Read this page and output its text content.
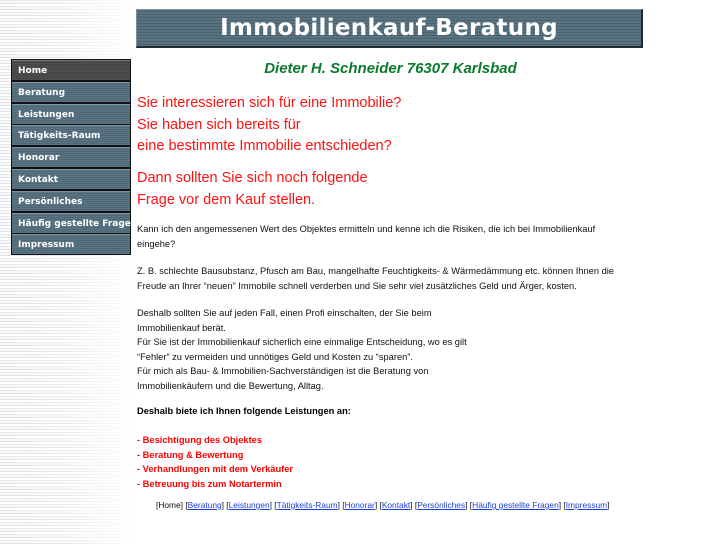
Immobilienkauf-Beratung
Dieter H. Schneider 76307 Karlsbad
Home
Beratung
Leistungen
Tätigkeits-Raum
Honorar
Kontakt
Persönliches
Häufig gestellte Fragen
Impressum
Sie interessieren sich für eine Immobilie?
Sie haben sich bereits für
eine bestimmte Immobilie entschieden?
Dann sollten Sie sich noch folgende
Frage vor dem Kauf stellen.
Kann ich den angemessenen Wert des Objektes ermitteln und kenne ich die Risiken, die ich bei Immobilienkauf
eingehe?
Z. B. schlechte Bausubstanz, Pfusch am Bau, mangelhafte Feuchtigkeits- & Wärmedämmung etc. können Ihnen die
Freude an Ihrer “neuen” Immobile schnell verderben und Sie sehr viel zusätzliches Geld und Ärger, kosten.
Deshalb sollten Sie auf jeden Fall, einen Profi einschalten, der Sie beim
Immobilienkauf berät.
Für Sie ist der Immobilienkauf sicherlich eine einmalige Entscheidung, wo es gilt
“Fehler” zu vermeiden und unnötiges Geld und Kosten zu “sparen”.
Für mich als Bau- & Immobilien-Sachverständigen ist die Beratung von
Immobilienkäufern und die Bewertung, Alltag.
Deshalb biete ich Ihnen folgende Leistungen an:
- Besichtigung des Objektes
- Beratung & Bewertung
- Verhandlungen mit dem Verkäufer
- Betreuung bis zum Notartermin
[Home] [Beratung] [Leistungen] [Tätigkeits-Raum] [Honorar] [Kontakt] [Persönliches] [Häufig gestellte Fragen] [Impressum]
